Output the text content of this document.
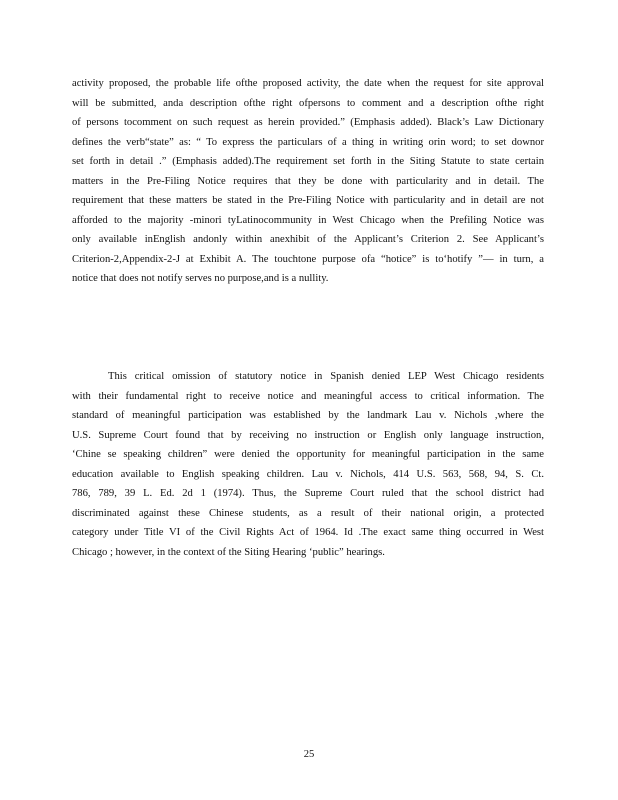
activity proposed, the probable life ofthe proposed activity, the date when the request for site approval
will be submitted, anda description ofthe right ofpersons to comment and a description ofthe right
of persons tocomment on such request as herein provided.” (Emphasis added). Black’s Law Dictionary
defines the verb“state” as: “ To express the particulars of a thing in writing orin word; to set downor
set forth in detail .” (Emphasis added).The requirement set forth in the Siting Statute to state certain
matters in the Pre-Filing Notice requires that they be done with particularity and in detail. The
requirement that these matters be stated in the Pre-Filing Notice with particularity and in detail are not
afforded to the majority -minori tyLatinocommunity in West Chicago when the Prefiling Notice was
only available inEnglish andonly within anexhibit of the Applicant’s Criterion 2. See Applicant’s
Criterion-2,Appendix-2-J at Exhibit A. The touchtone purpose ofa “hotice” is to‘hotify ”— in turn, a
notice that does not notify serves no purpose,and is a nullity.
This critical omission of statutory notice in Spanish denied LEP West Chicago residents
with their fundamental right to receive notice and meaningful access to critical information. The
standard of meaningful participation was established by the landmark Lau v. Nichols ,where the
U.S. Supreme Court found that by receiving no instruction or English only language instruction,
‘Chine se speaking children” were denied the opportunity for meaningful participation in the same
education available to English speaking children. Lau v. Nichols, 414 U.S. 563, 568, 94, S. Ct.
786, 789, 39 L. Ed. 2d 1 (1974). Thus, the Supreme Court ruled that the school district had
discriminated against these Chinese students, as a result of their national origin, a protected
category under Title VI of the Civil Rights Act of 1964. Id .The exact same thing occurred in West
Chicago ; however, in the context of the Siting Hearing ‘public” hearings.
25
